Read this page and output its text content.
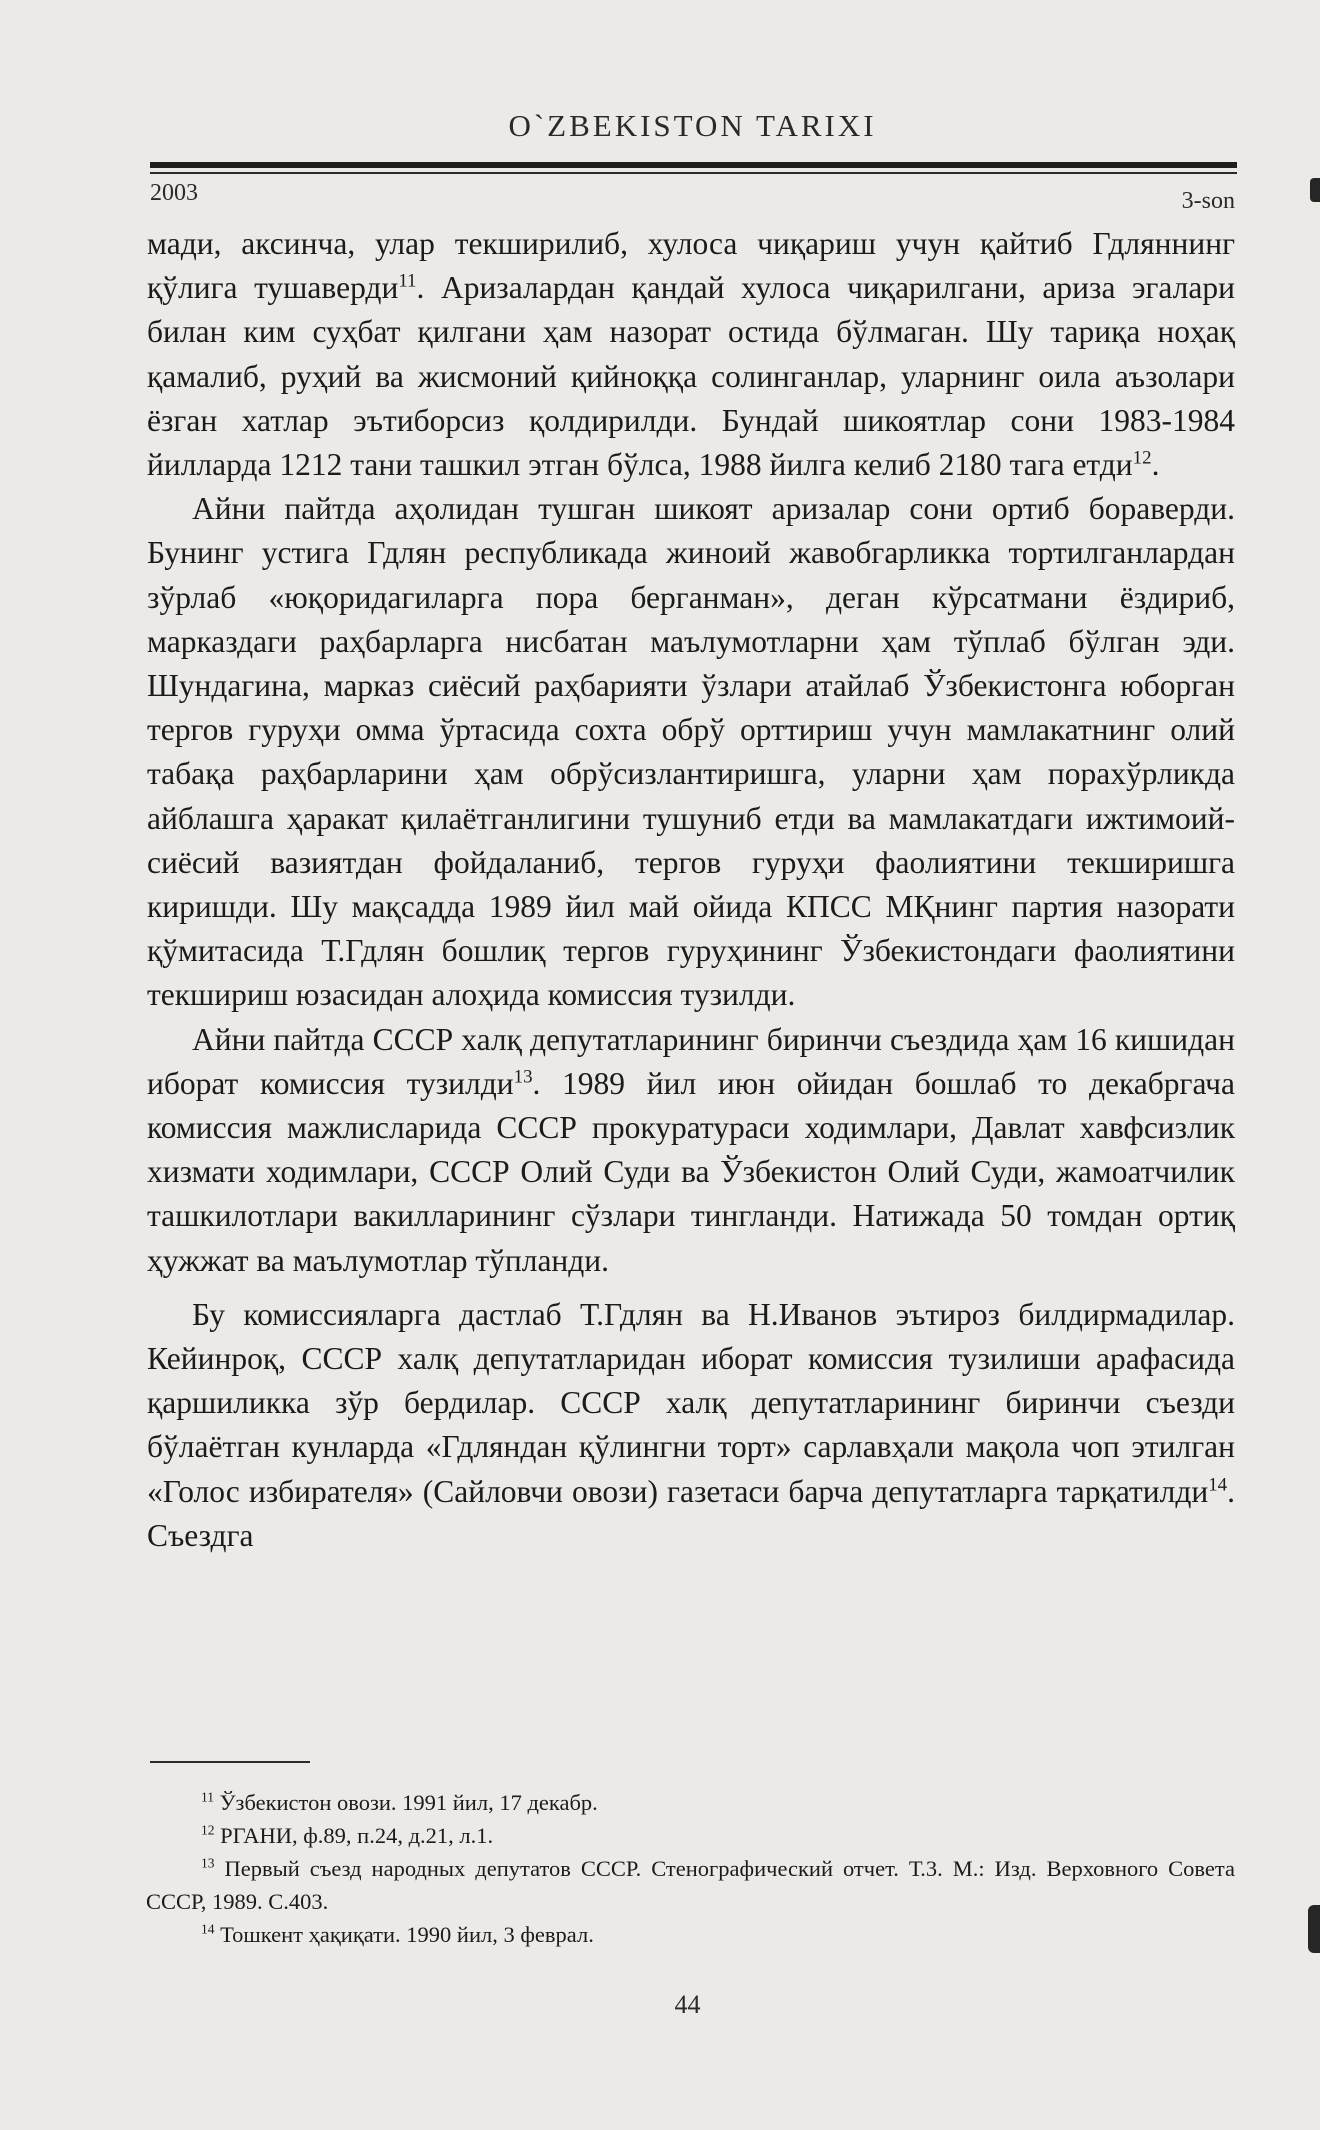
O`ZBEKISTON TARIXI
2003	3-son

мади, аксинча, улар текширилиб, хулоса чиқариш учун қайтиб Гдляннинг қўлига тушаверди$^{11}$. Аризалардан қандай хулоса чиқарилгани, ариза эгалари билан ким суҳбат қилгани ҳам назорат остида бўлмаган. Шу тариқа ноҳақ қамалиб, руҳий ва жисмоний қийноққа солинганлар, уларнинг оила аъзолари ёзган хатлар эътиборсиз қолдирилди. Бундай шикоятлар сони 1983-1984 йилларда 1212 тани ташкил этган бўлса, 1988 йилга келиб 2180 тага етди$^{12}$.

Айни пайтда аҳолидан тушган шикоят аризалар сони ортиб бораверди. Бунинг устига Гдлян республикада жиноий жавобгарликка тортилганлардан зўрлаб «юқоридагиларга пора берганман», деган кўрсатмани ёздириб, марказдаги раҳбарларга нисбатан маълумотларни ҳам тўплаб бўлган эди. Шундагина, марказ сиёсий раҳбарияти ўзлари атайлаб Ўзбекистонга юборган тергов гуруҳи омма ўртасида сохта обрў орттириш учун мамлакатнинг олий табақа раҳбарларини ҳам обрўсизлантиришга, уларни ҳам порахўрликда айблашга ҳаракат қилаётганлигини тушуниб етди ва мамлакатдаги ижтимоий-сиёсий вазиятдан фойдаланиб, тергов гуруҳи фаолиятини текширишга киришди. Шу мақсадда 1989 йил май ойида КПСС МҚнинг партия назорати қўмитасида Т.Гдлян бошлиқ тергов гуруҳининг Ўзбекистондаги фаолиятини текшириш юзасидан алоҳида комиссия тузилди.

Айни пайтда СССР халқ депутатларининг биринчи съездида ҳам 16 кишидан иборат комиссия тузилди$^{13}$. 1989 йил июн ойидан бошлаб то декабргача комиссия мажлисларида СССР прокуратураси ходимлари, Давлат хавфсизлик хизмати ходимлари, СССР Олий Суди ва Ўзбекистон Олий Суди, жамоатчилик ташкилотлари вакилларининг сўзлари тингланди. Натижада 50 томдан ортиқ ҳужжат ва маълумотлар тўпланди.

Бу комиссияларга дастлаб Т.Гдлян ва Н.Иванов эътироз билдирмадилар. Кейинроқ, СССР халқ депутатларидан иборат комиссия тузилиши арафасида қаршиликка зўр бердилар. СССР халқ депутатларининг биринчи съезди бўлаётган кунларда «Гдляндан қўлингни торт» сарлавҳали мақола чоп этилган «Голос избирателя» (Сайловчи овози) газетаси барча депутатларга тарқатилди$^{14}$. Съездга

$^{11}$ Ўзбекистон овози. 1991 йил, 17 декабр.

$^{12}$ РГАНИ, ф.89, п.24, д.21, л.1.

$^{13}$ Первый съезд народных депутатов СССР. Стенографический отчет. Т.3. М.: Изд. Верховного Совета СССР, 1989. С.403.

$^{14}$ Тошкент ҳақиқати. 1990 йил, 3 феврал.

44
